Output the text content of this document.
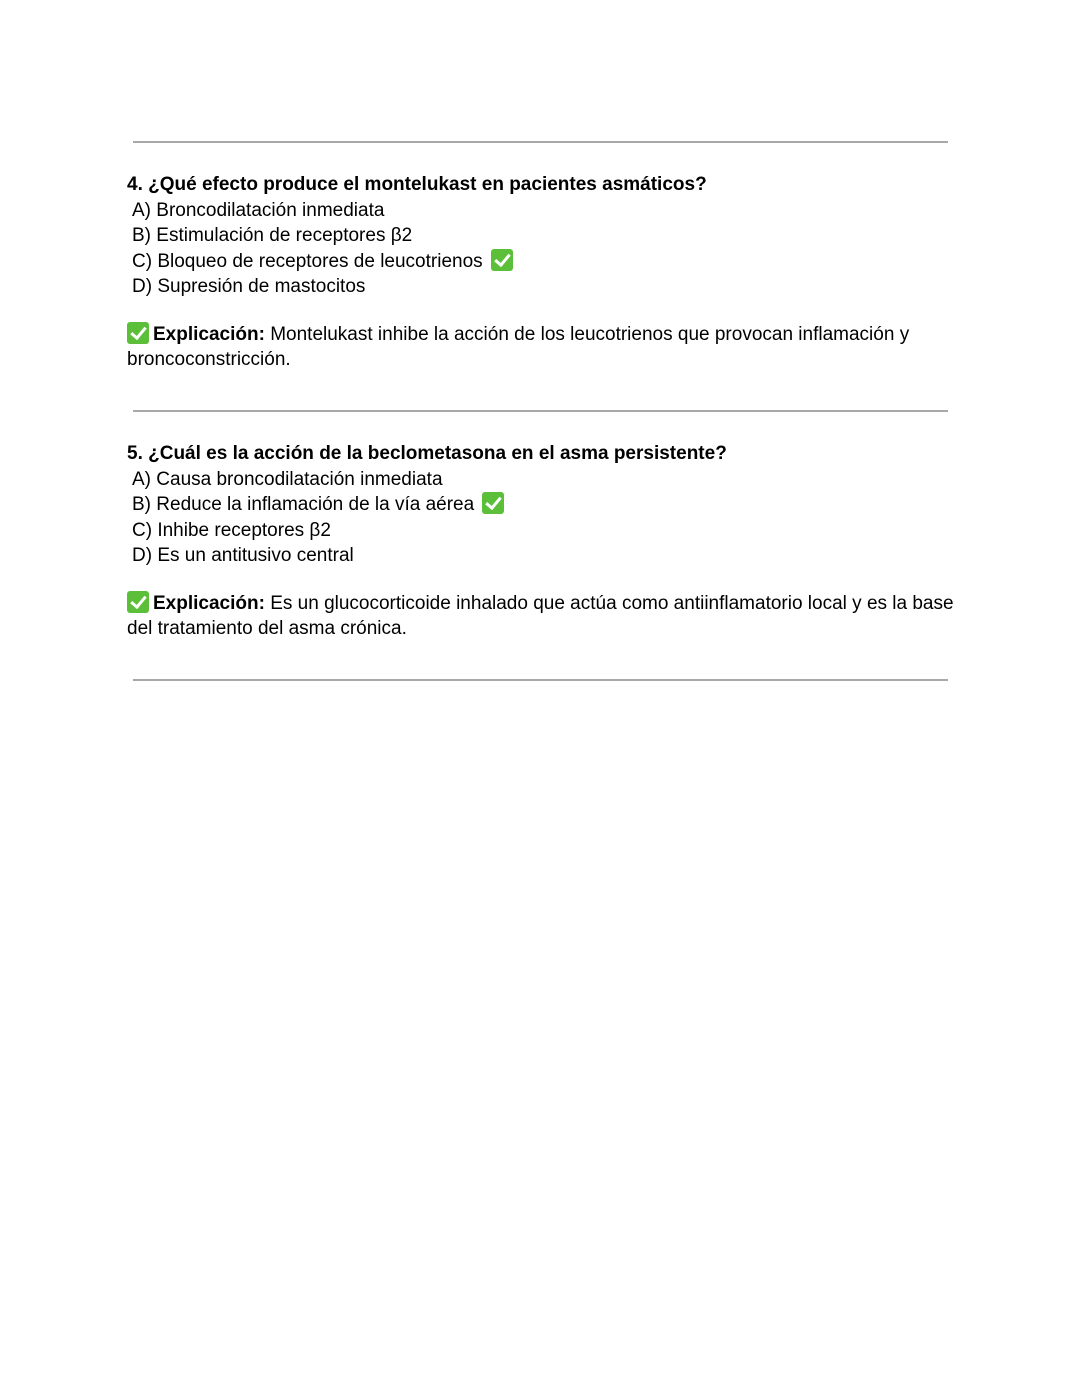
4. ¿Qué efecto produce el montelukast en pacientes asmáticos?
A) Broncodilatación inmediata
B) Estimulación de receptores β2
C) Bloqueo de receptores de leucotrienos
D) Supresión de mastocitos
Explicación: Montelukast inhibe la acción de los leucotrienos que provocan inflamación y broncoconstricción.
5. ¿Cuál es la acción de la beclometasona en el asma persistente?
A) Causa broncodilatación inmediata
B) Reduce la inflamación de la vía aérea
C) Inhibe receptores β2
D) Es un antitusivo central
Explicación: Es un glucocorticoide inhalado que actúa como antiinflamatorio local y es la base del tratamiento del asma crónica.
